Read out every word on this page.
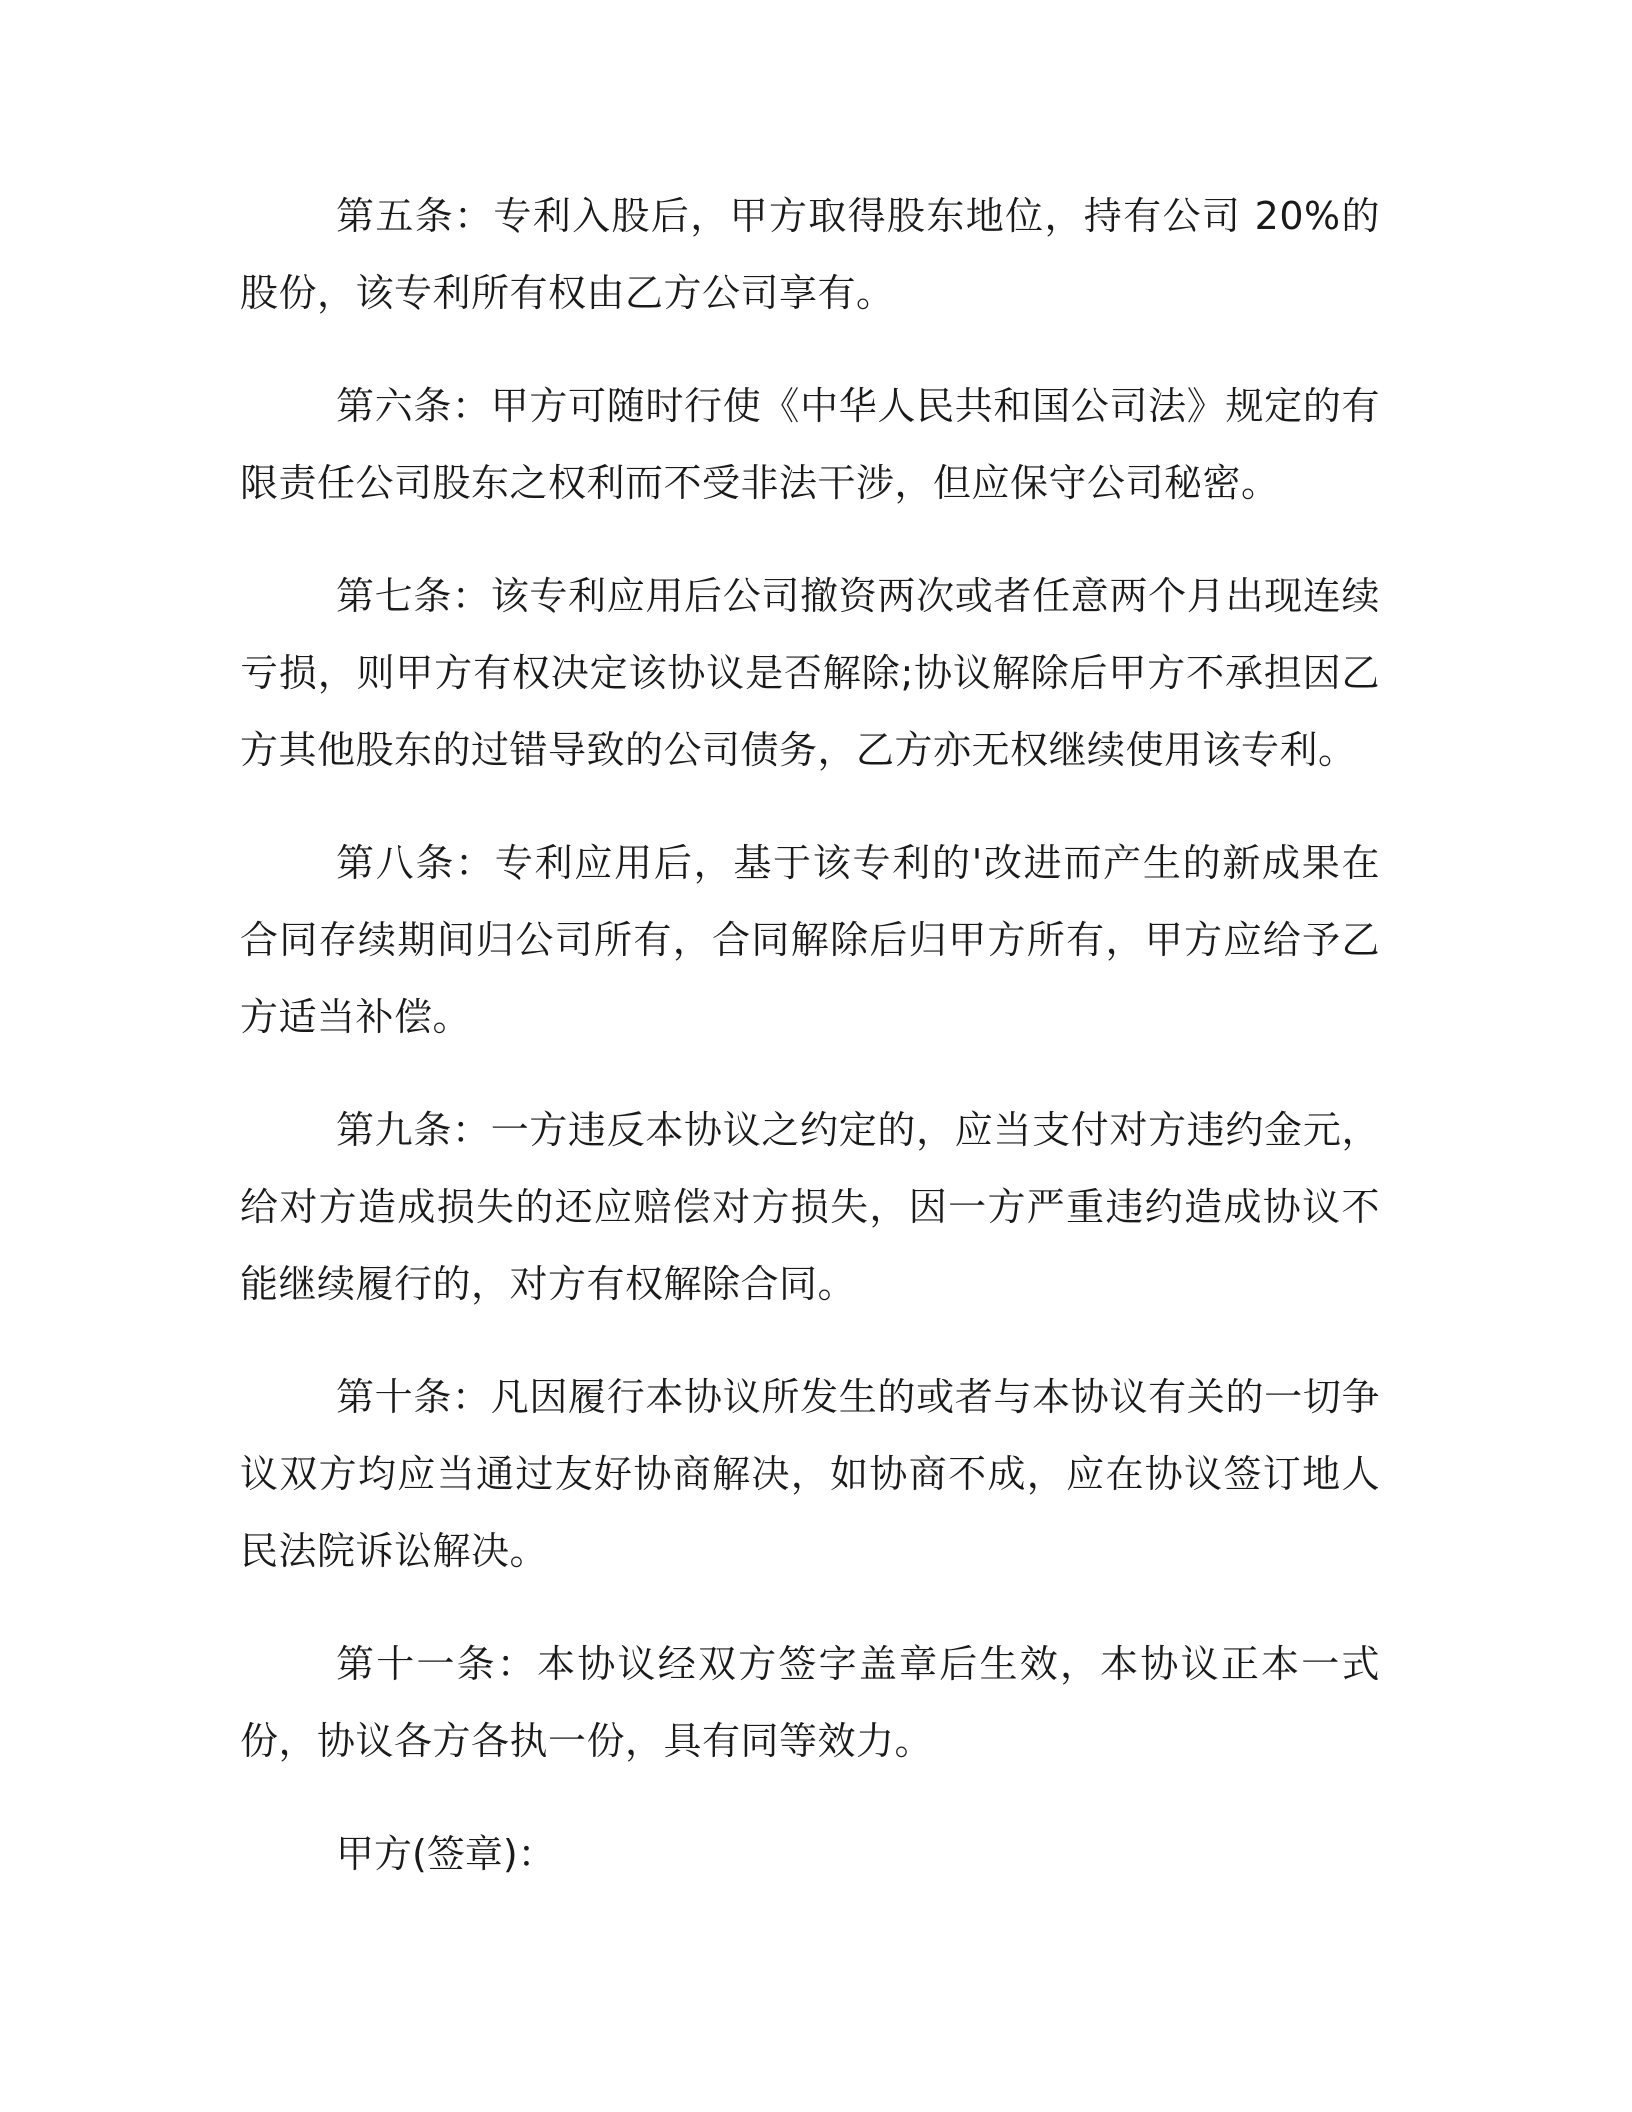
第五条：专利入股后，甲方取得股东地位，持有公司 20%的股份，该专利所有权由乙方公司享有。

第六条：甲方可随时行使《中华人民共和国公司法》规定的有限责任公司股东之权利而不受非法干涉，但应保守公司秘密。

第七条：该专利应用后公司撤资两次或者任意两个月出现连续亏损，则甲方有权决定该协议是否解除;协议解除后甲方不承担因乙方其他股东的过错导致的公司债务，乙方亦无权继续使用该专利。

第八条：专利应用后，基于该专利的'改进而产生的新成果在合同存续期间归公司所有，合同解除后归甲方所有，甲方应给予乙方适当补偿。

第九条：一方违反本协议之约定的，应当支付对方违约金元，给对方造成损失的还应赔偿对方损失，因一方严重违约造成协议不能继续履行的，对方有权解除合同。

第十条：凡因履行本协议所发生的或者与本协议有关的一切争议双方均应当通过友好协商解决，如协商不成，应在协议签订地人民法院诉讼解决。

第十一条：本协议经双方签字盖章后生效，本协议正本一式份，协议各方各执一份，具有同等效力。

甲方(签章)：
